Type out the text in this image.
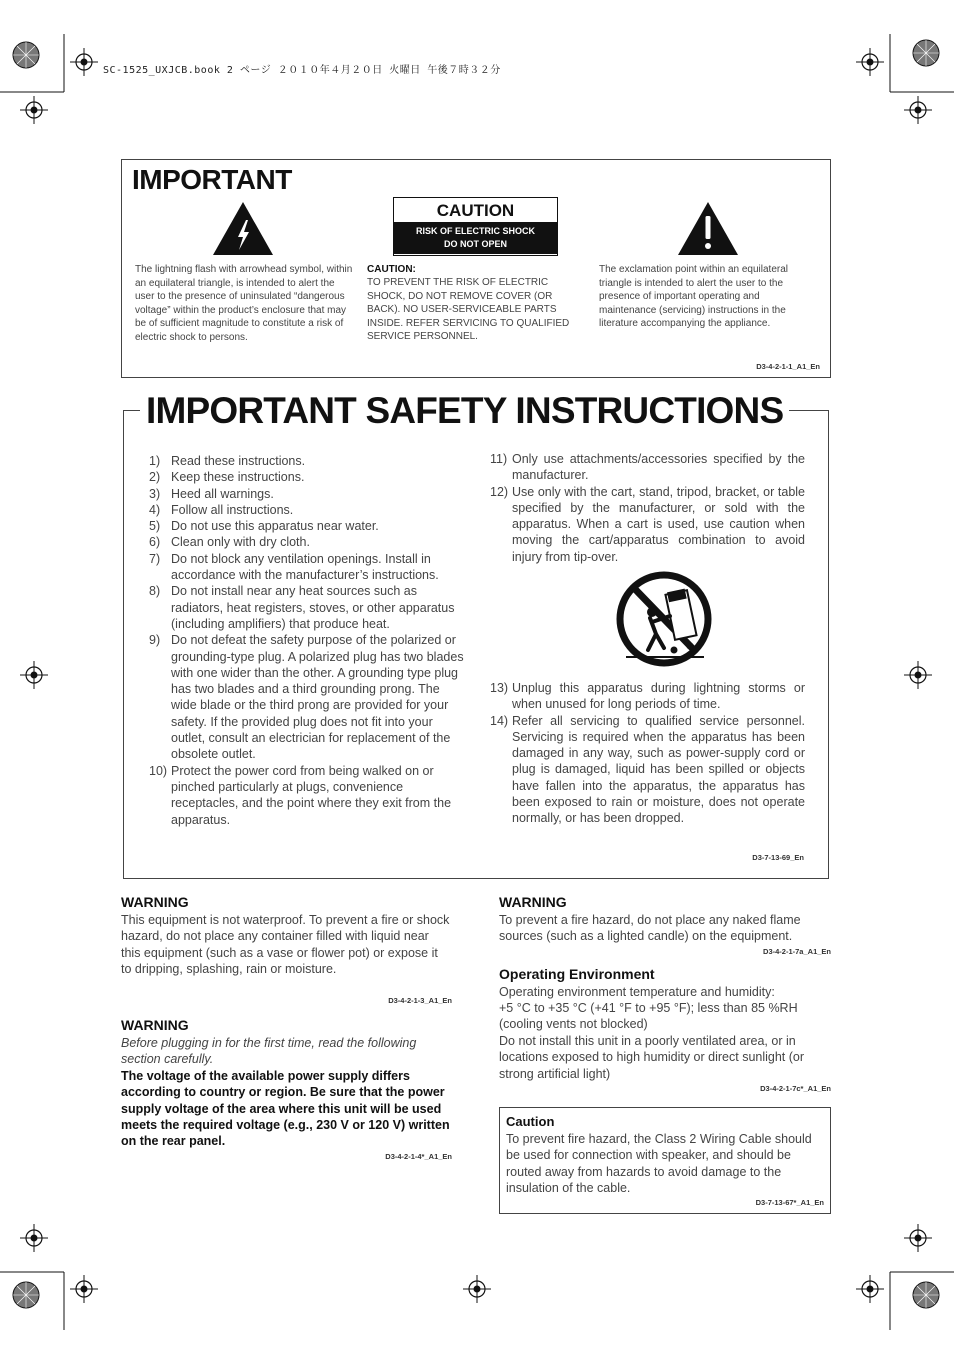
SC-1525_UXJCB.book 2 ページ ２０１０年４月２０日 火曜日 午後７時３２分
IMPORTANT
CAUTION
RISK OF ELECTRIC SHOCK
DO NOT OPEN
The lightning flash with arrowhead symbol, within an equilateral triangle, is intended to alert the user to the presence of uninsulated “dangerous voltage” within the product’s enclosure that may be of sufficient magnitude to constitute a risk of electric shock to persons.
CAUTION:
TO PREVENT THE RISK OF ELECTRIC SHOCK, DO NOT REMOVE COVER (OR BACK). NO USER-SERVICEABLE PARTS INSIDE. REFER SERVICING TO QUALIFIED SERVICE PERSONNEL.
The exclamation point within an equilateral triangle is intended to alert the user to the presence of important operating and maintenance (servicing) instructions in the literature accompanying the appliance.
D3-4-2-1-1_A1_En
IMPORTANT SAFETY INSTRUCTIONS
1) Read these instructions.
2) Keep these instructions.
3) Heed all warnings.
4) Follow all instructions.
5) Do not use this apparatus near water.
6) Clean only with dry cloth.
7) Do not block any ventilation openings. Install in accordance with the manufacturer’s instructions.
8) Do not install near any heat sources such as radiators, heat registers, stoves, or other apparatus (including amplifiers) that produce heat.
9) Do not defeat the safety purpose of the polarized or grounding-type plug. A polarized plug has two blades with one wider than the other. A grounding type plug has two blades and a third grounding prong. The wide blade or the third prong are provided for your safety. If the provided plug does not fit into your outlet, consult an electrician for replacement of the obsolete outlet.
10) Protect the power cord from being walked on or pinched particularly at plugs, convenience receptacles, and the point where they exit from the apparatus.
11) Only use attachments/accessories specified by the manufacturer.
12) Use only with the cart, stand, tripod, bracket, or table specified by the manufacturer, or sold with the apparatus. When a cart is used, use caution when moving the cart/apparatus combination to avoid injury from tip-over.
13) Unplug this apparatus during lightning storms or when unused for long periods of time.
14) Refer all servicing to qualified service personnel. Servicing is required when the apparatus has been damaged in any way, such as power-supply cord or plug is damaged, liquid has been spilled or objects have fallen into the apparatus, the apparatus has been exposed to rain or moisture, does not operate normally, or has been dropped.
D3-7-13-69_En
WARNING
This equipment is not waterproof. To prevent a fire or shock hazard, do not place any container filled with liquid near this equipment (such as a vase or flower pot) or expose it to dripping, splashing, rain or moisture.
D3-4-2-1-3_A1_En
WARNING
Before plugging in for the first time, read the following section carefully.
The voltage of the available power supply differs according to country or region. Be sure that the power supply voltage of the area where this unit will be used meets the required voltage (e.g., 230 V or 120 V) written on the rear panel.
D3-4-2-1-4*_A1_En
WARNING
To prevent a fire hazard, do not place any naked flame sources (such as a lighted candle) on the equipment.
D3-4-2-1-7a_A1_En
Operating Environment
Operating environment temperature and humidity:
+5 °C to +35 °C (+41 °F to +95 °F); less than 85 %RH (cooling vents not blocked)
Do not install this unit in a poorly ventilated area, or in locations exposed to high humidity or direct sunlight (or strong artificial light)
D3-4-2-1-7c*_A1_En
Caution
To prevent fire hazard, the Class 2 Wiring Cable should be used for connection with speaker, and should be routed away from hazards to avoid damage to the insulation of the cable.
D3-7-13-67*_A1_En
